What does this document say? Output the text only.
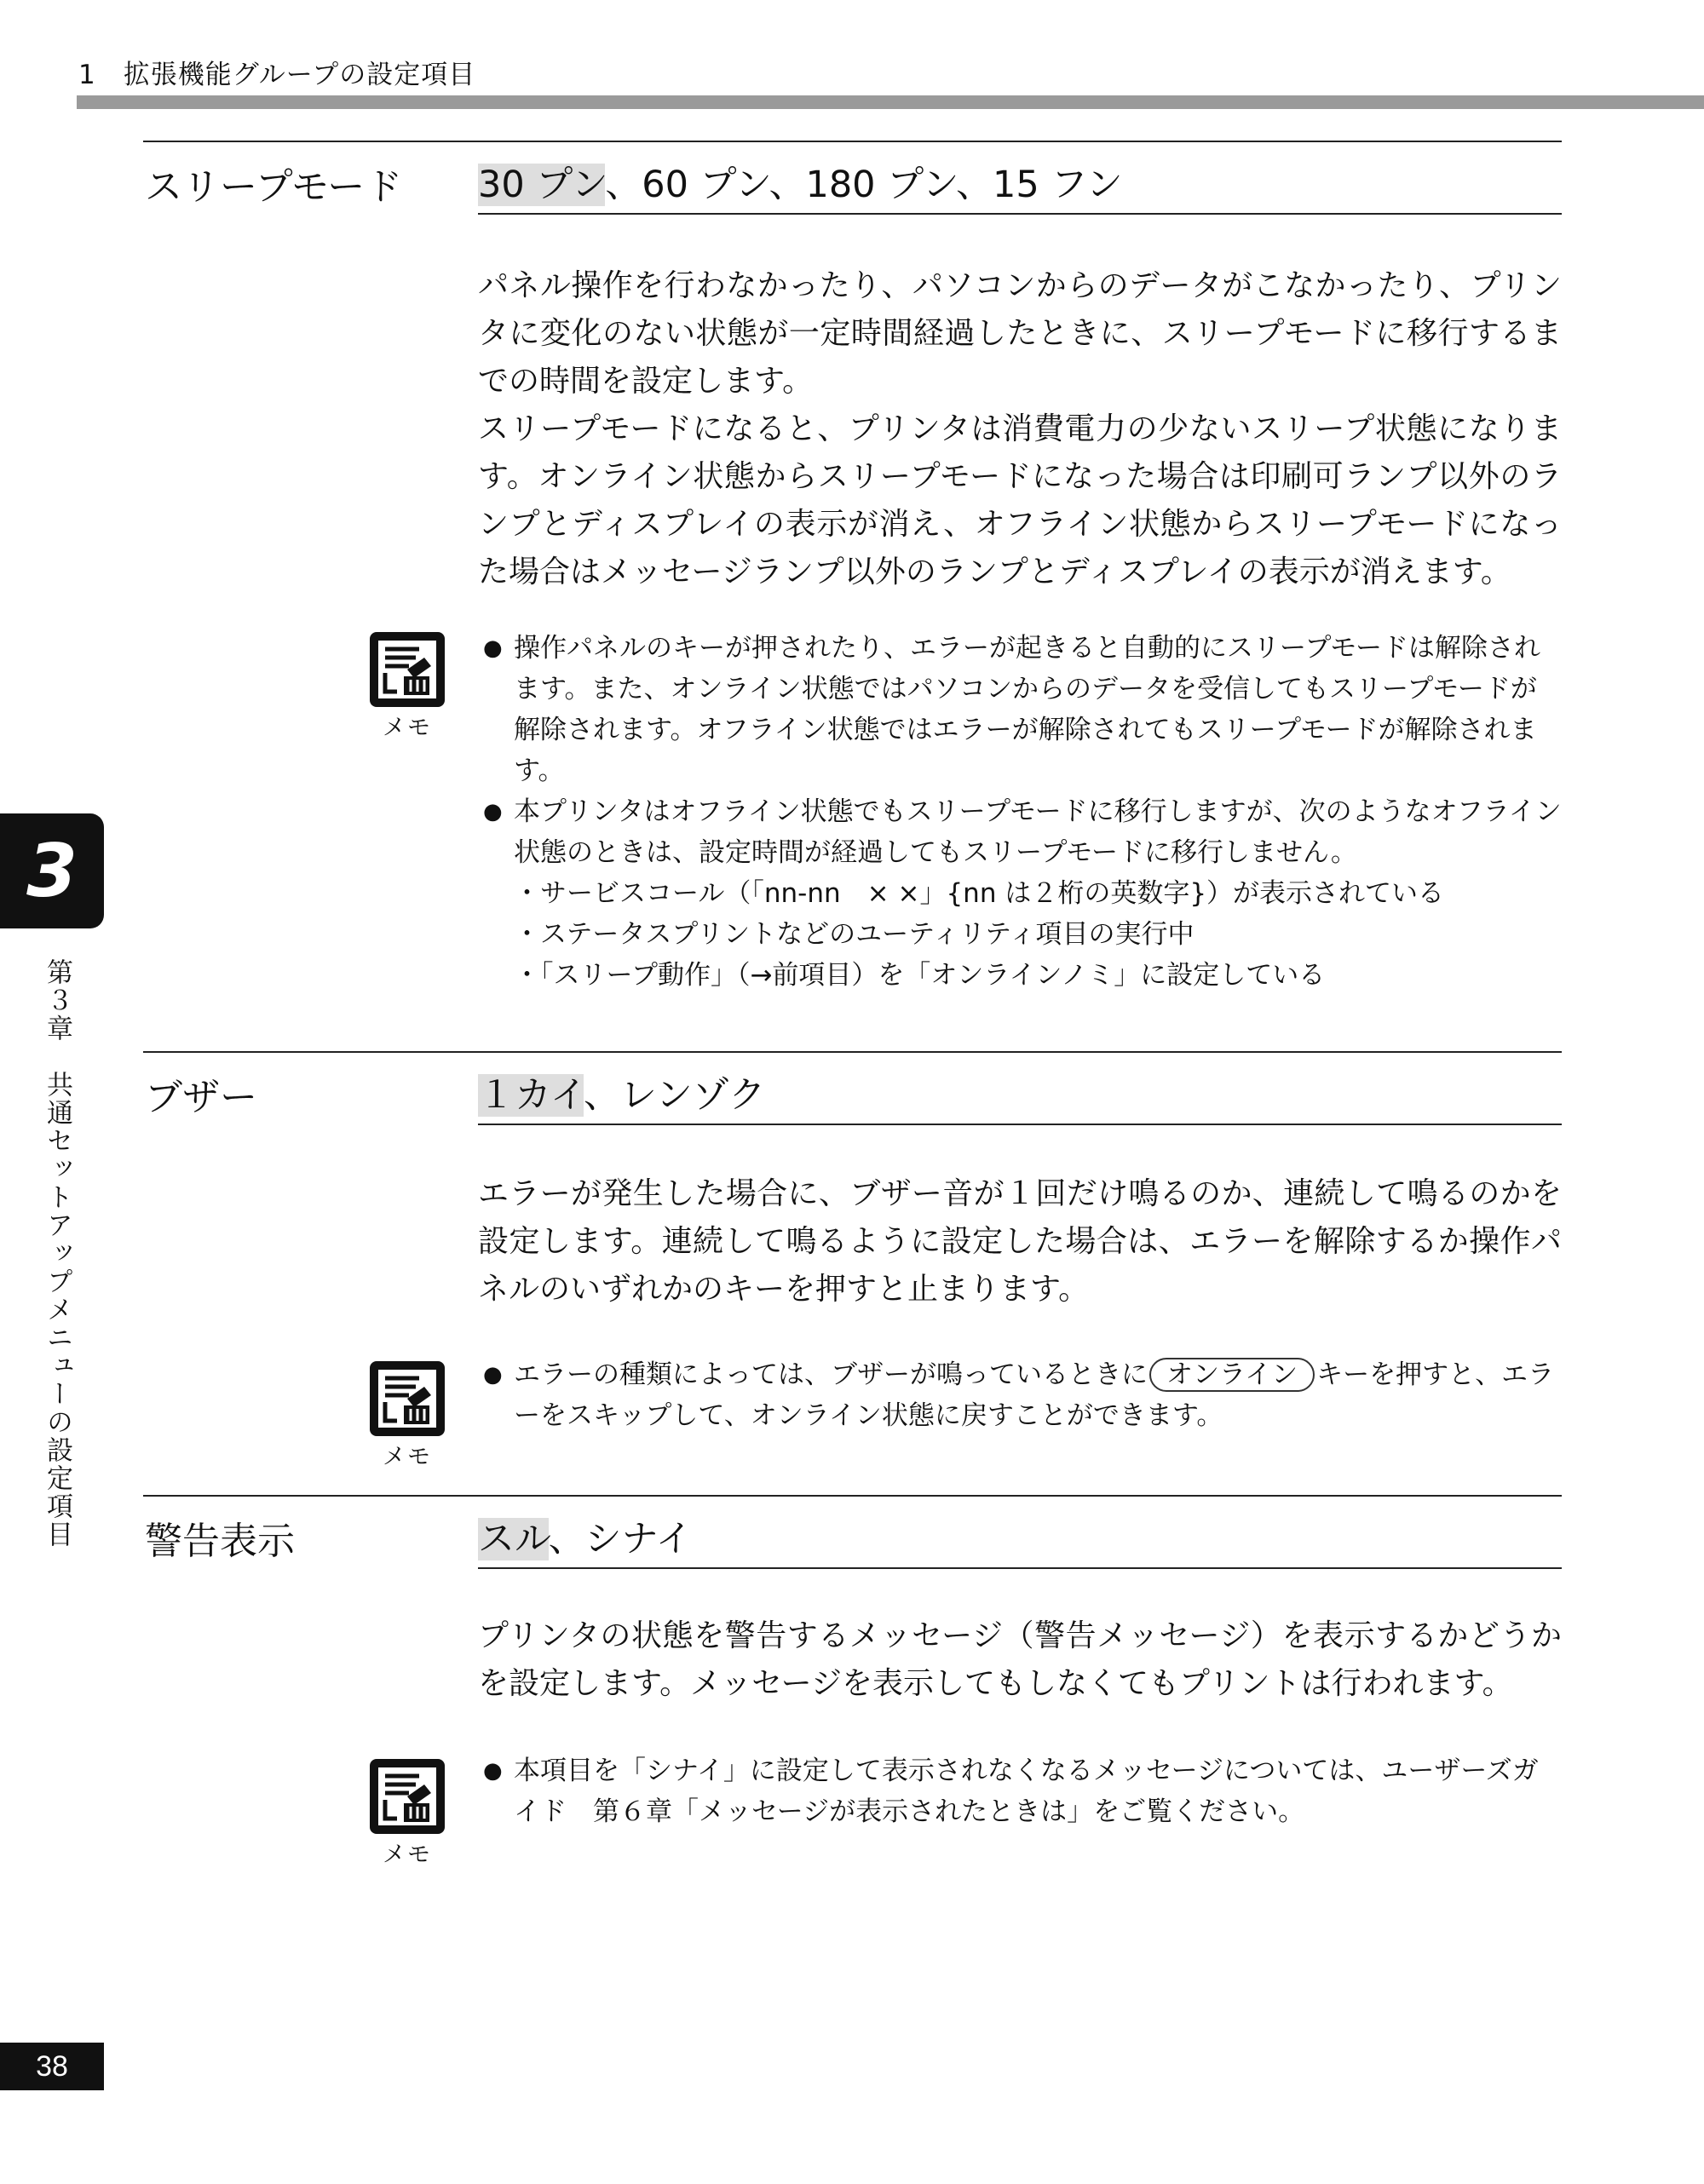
1　拡張機能グループの設定項目
3
第３章　共通セットアップメニューの設定項目
スリープモード 30 プン、60 プン、180 プン、15 フン

パネル操作を行わなかったり、パソコンからのデータがこなかったり、プリンタに変化のない状態が一定時間経過したときに、スリープモードに移行するまでの時間を設定します。

スリープモードになると、プリンタは消費電力の少ないスリープ状態になります。オンライン状態からスリープモードになった場合は印刷可ランプ以外のランプとディスプレイの表示が消え、オフライン状態からスリープモードになった場合はメッセージランプ以外のランプとディスプレイの表示が消えます。

メモ
● 操作パネルのキーが押されたり、エラーが起きると自動的にスリープモードは解除されます。また、オンライン状態ではパソコンからのデータを受信してもスリープモードが解除されます。オフライン状態ではエラーが解除されてもスリープモードが解除されます。
● 本プリンタはオフライン状態でもスリープモードに移行しますが、次のようなオフライン状態のときは、設定時間が経過してもスリープモードに移行しません。
・サービスコール（「nn-nn　× ×」{nn は２桁の英数字}）が表示されている
・ステータスプリントなどのユーティリティ項目の実行中
・「スリープ動作」（→前項目）を「オンラインノミ」に設定している
ブザー	１カイ、レンゾク

エラーが発生した場合に、ブザー音が１回だけ鳴るのか、連続して鳴るのかを設定します。連続して鳴るように設定した場合は、エラーを解除するか操作パネルのいずれかのキーを押すと止まります。

メモ
● エラーの種類によっては、ブザーが鳴っているときに オンライン キーを押すと、エラーをスキップして、オンライン状態に戻すことができます。
警告表示	スル、シナイ

プリンタの状態を警告するメッセージ（警告メッセージ）を表示するかどうかを設定します。メッセージを表示してもしなくてもプリントは行われます。

メモ
● 本項目を「シナイ」に設定して表示されなくなるメッセージについては、ユーザーズガイド　第６章「メッセージが表示されたときは」をご覧ください。
38
